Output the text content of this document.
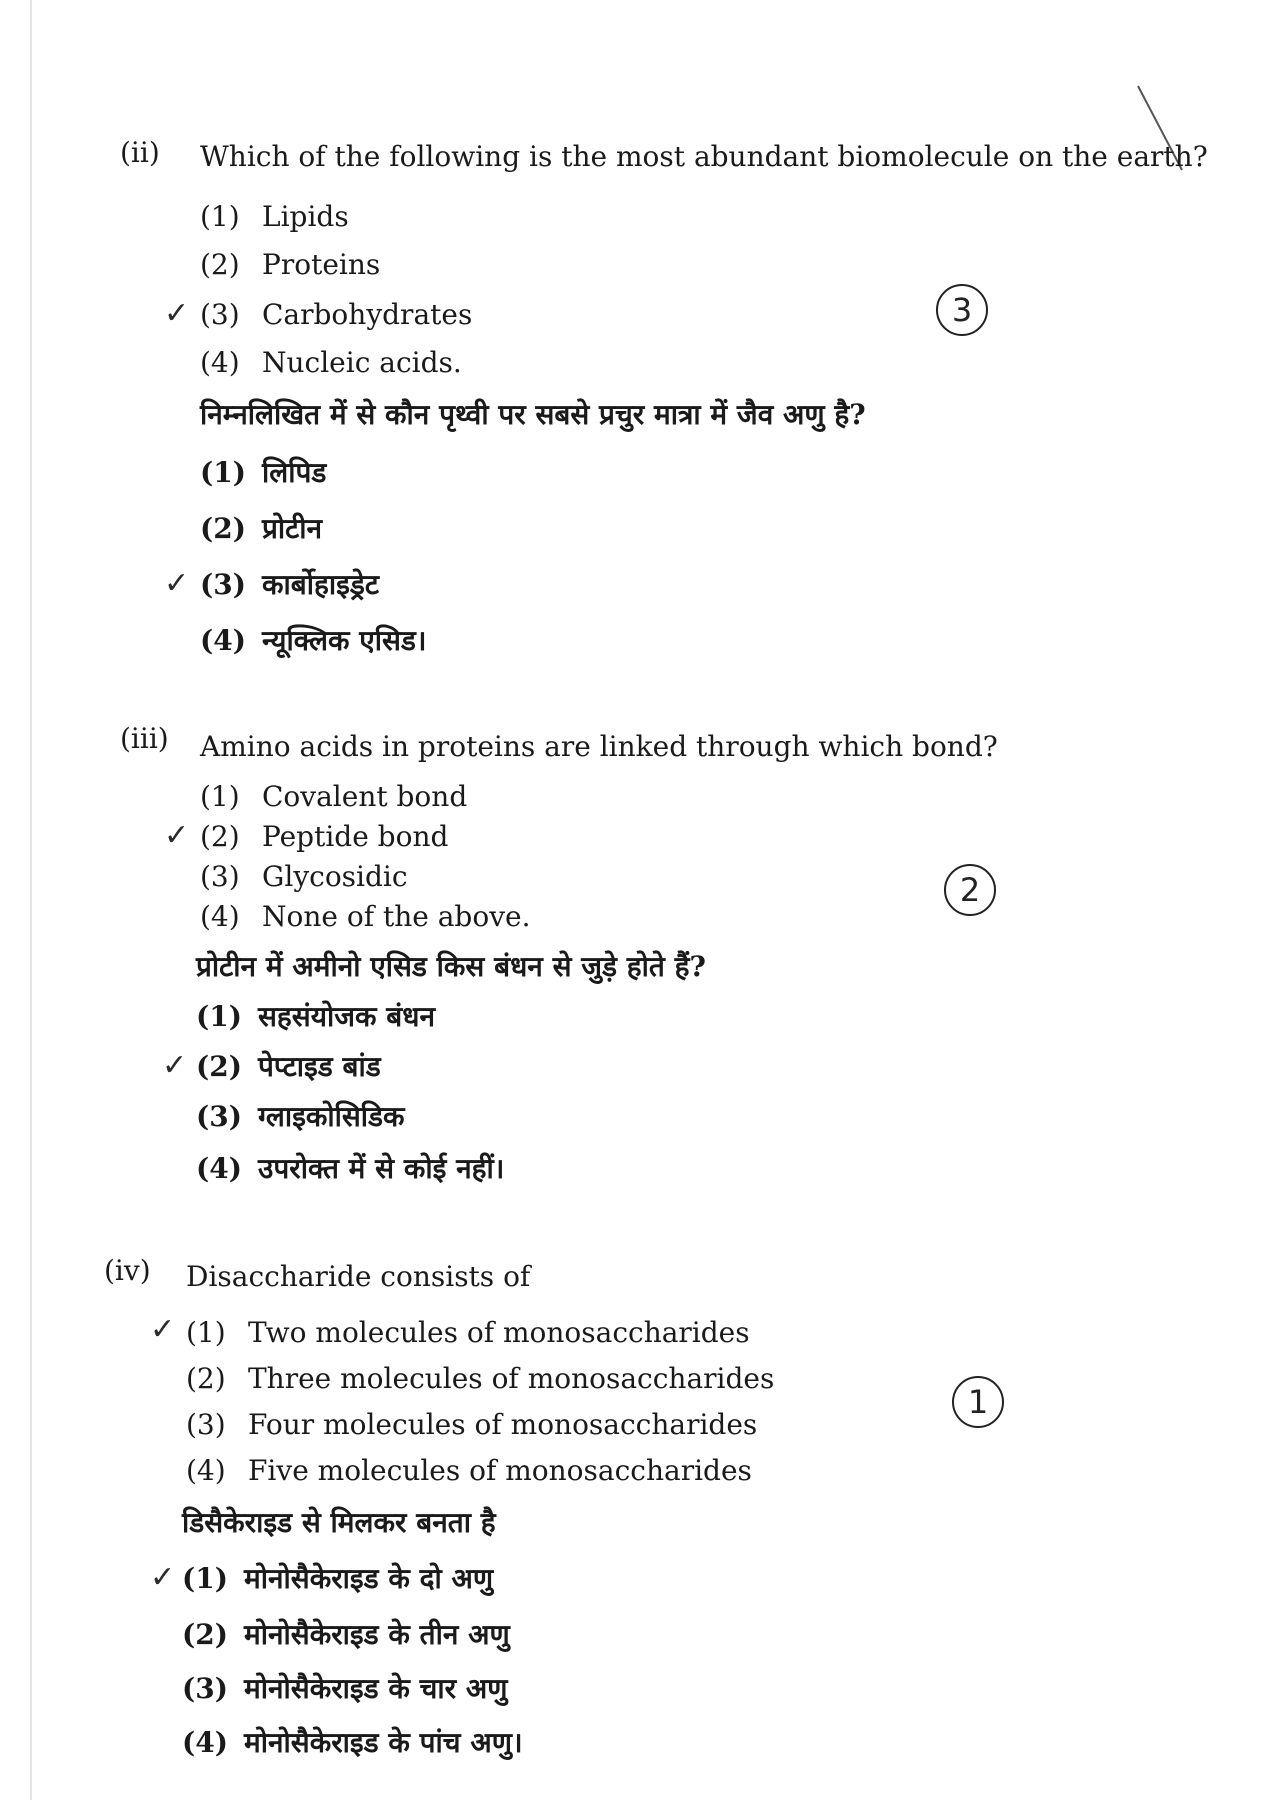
(ii) Which of the following is the most abundant biomolecule on the earth?
(1) Lipids
(2) Proteins
✓ (3) Carbohydrates
(4) Nucleic acids.
3
निम्नलिखित में से कौन पृथ्वी पर सबसे प्रचुर मात्रा में जैव अणु है?
(1) लिपिड
(2) प्रोटीन
✓ (3) कार्बोहाइड्रेट
(4) न्यूक्लिक एसिड।
(iii) Amino acids in proteins are linked through which bond?
(1) Covalent bond
✓ (2) Peptide bond
(3) Glycosidic
(4) None of the above.
2
प्रोटीन में अमीनो एसिड किस बंधन से जुड़े होते हैं?
(1) सहसंयोजक बंधन
✓ (2) पेप्टाइड बांड
(3) ग्लाइकोसिडिक
(4) उपरोक्त में से कोई नहीं।
(iv) Disaccharide consists of
✓ (1) Two molecules of monosaccharides
(2) Three molecules of monosaccharides
(3) Four molecules of monosaccharides
(4) Five molecules of monosaccharides
1
डिसैकेराइड से मिलकर बनता है
✓ (1) मोनोसैकेराइड के दो अणु
(2) मोनोसैकेराइड के तीन अणु
(3) मोनोसैकेराइड के चार अणु
(4) मोनोसैकेराइड के पांच अणु।
